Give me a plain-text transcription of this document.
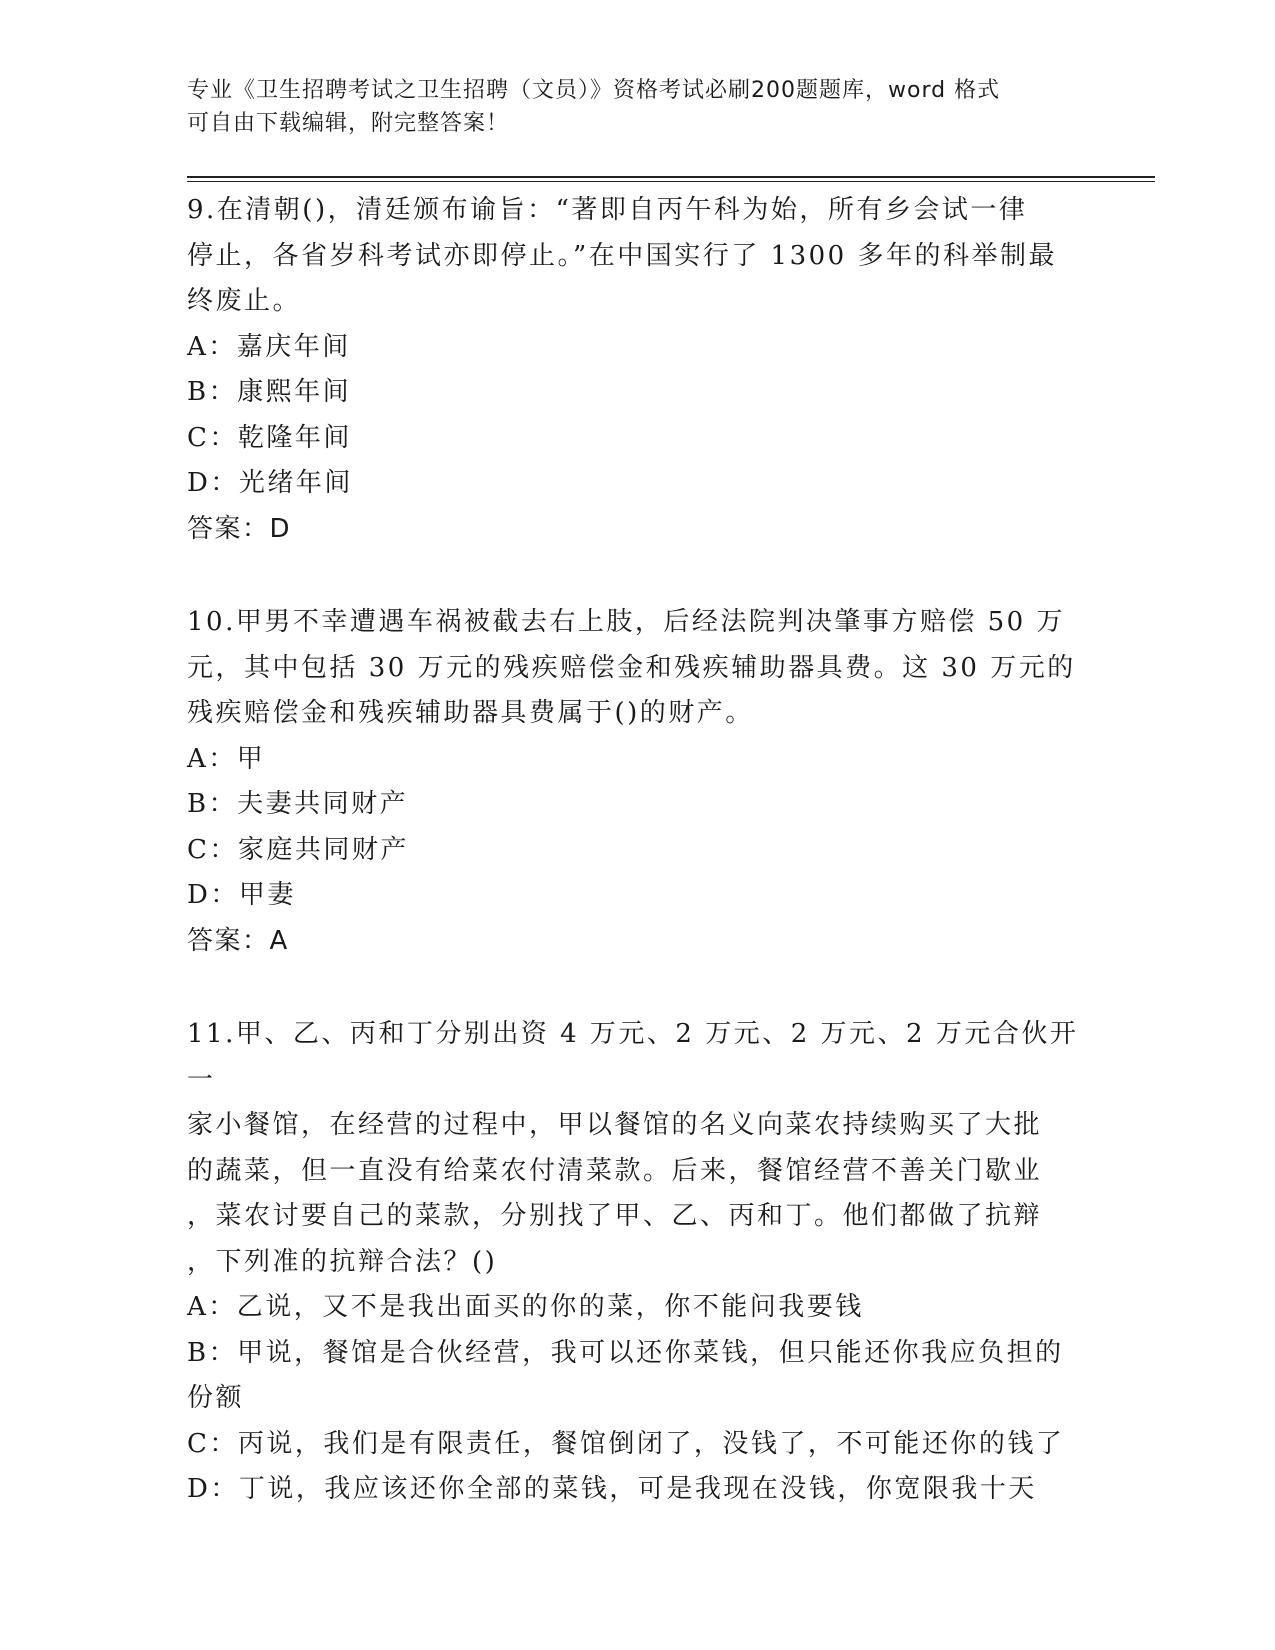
专业《卫生招聘考试之卫生招聘（文员）》资格考试必刷200题题库，word 格式
可自由下载编辑，附完整答案！

9.在清朝()，清廷颁布谕旨：“著即自丙午科为始，所有乡会试一律

停止，各省岁科考试亦即停止。”在中国实行了 1300 多年的科举制最

终废止。

A：嘉庆年间

B：康熙年间

C：乾隆年间

D：光绪年间

答案：D

10.甲男不幸遭遇车祸被截去右上肢，后经法院判决肇事方赔偿 50 万

元，其中包括 30 万元的残疾赔偿金和残疾辅助器具费。这 30 万元的

残疾赔偿金和残疾辅助器具费属于()的财产。

A：甲

B：夫妻共同财产

C：家庭共同财产

D：甲妻

答案：A

11.甲、乙、丙和丁分别出资 4 万元、2 万元、2 万元、2 万元合伙开一

家小餐馆，在经营的过程中，甲以餐馆的名义向菜农持续购买了大批

的蔬菜，但一直没有给菜农付清菜款。后来，餐馆经营不善关门歇业

，菜农讨要自己的菜款，分别找了甲、乙、丙和丁。他们都做了抗辩

，下列准的抗辩合法？()

A：乙说，又不是我出面买的你的菜，你不能问我要钱

B：甲说，餐馆是合伙经营，我可以还你菜钱，但只能还你我应负担的

份额

C：丙说，我们是有限责任，餐馆倒闭了，没钱了，不可能还你的钱了

D：丁说，我应该还你全部的菜钱，可是我现在没钱，你宽限我十天
